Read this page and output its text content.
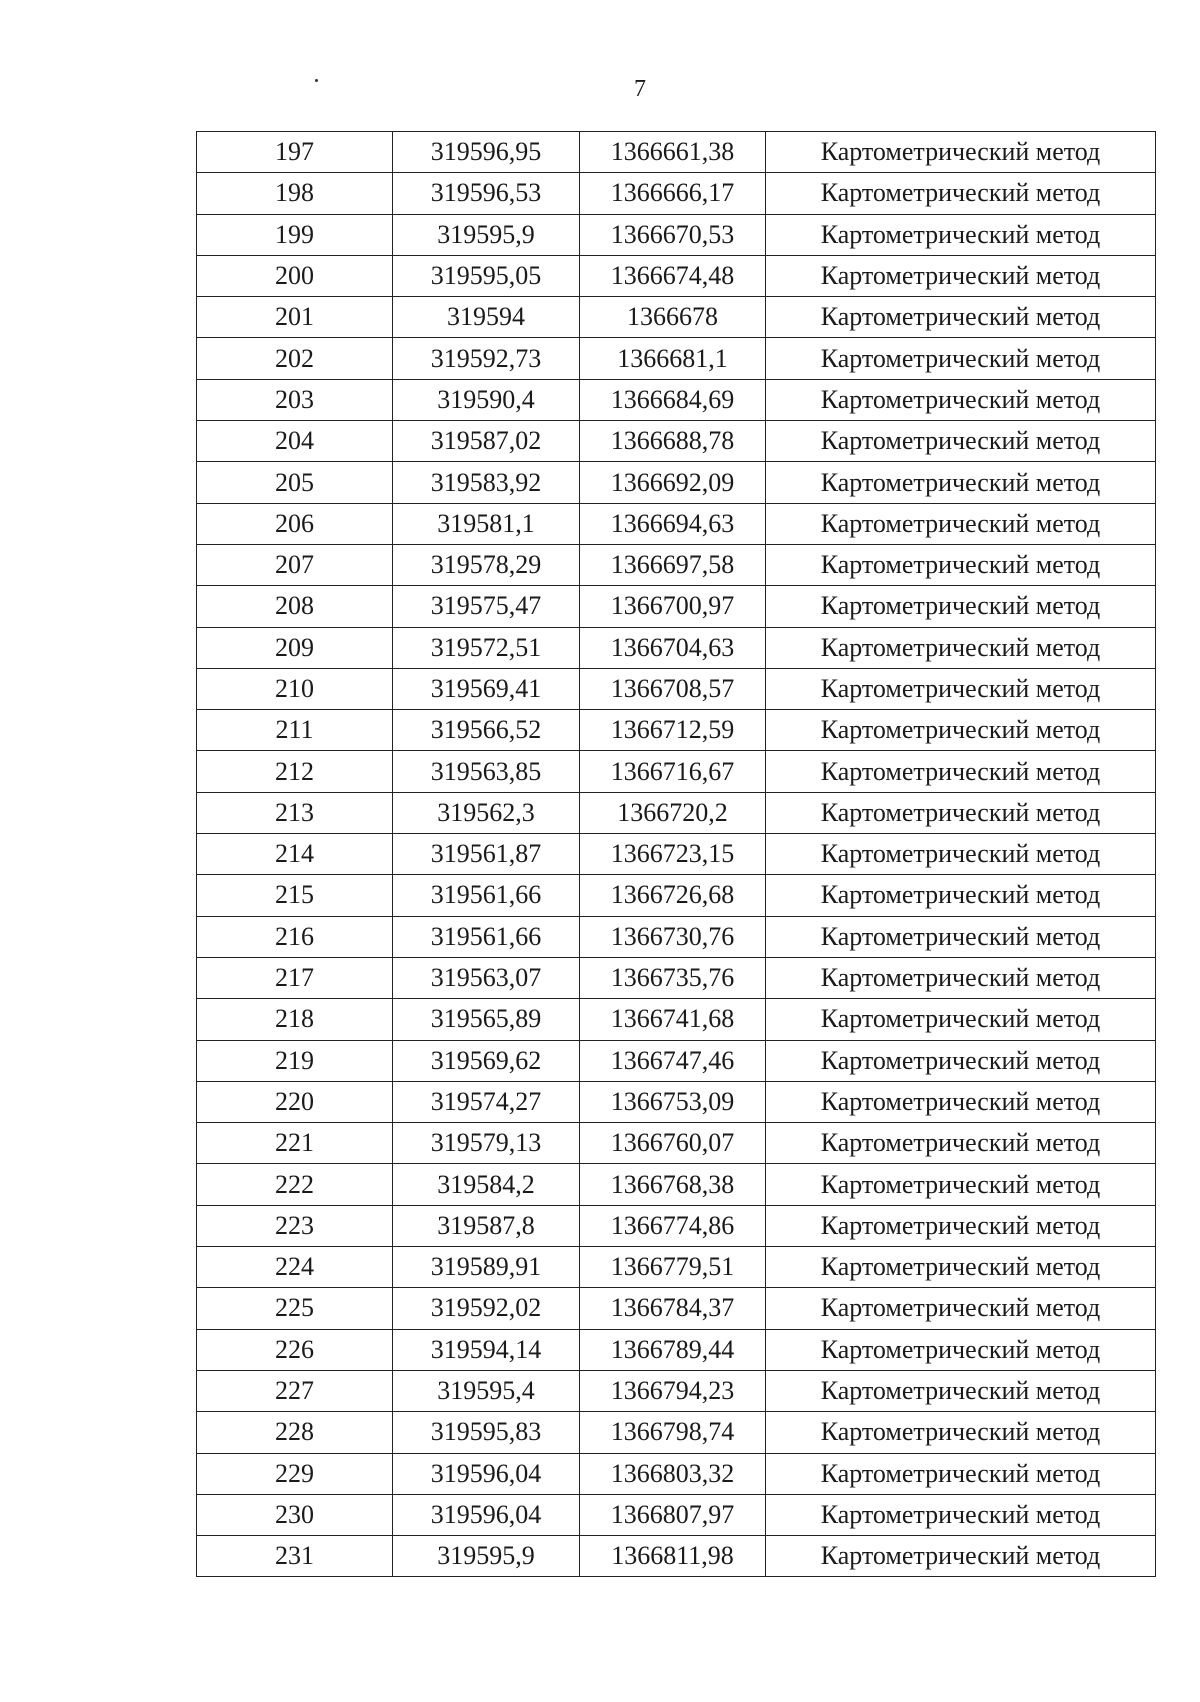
7
197	319596,95	1366661,38	Картометрический метод
198	319596,53	1366666,17	Картометрический метод
199	319595,9	1366670,53	Картометрический метод
200	319595,05	1366674,48	Картометрический метод
201	319594	1366678	Картометрический метод
202	319592,73	1366681,1	Картометрический метод
203	319590,4	1366684,69	Картометрический метод
204	319587,02	1366688,78	Картометрический метод
205	319583,92	1366692,09	Картометрический метод
206	319581,1	1366694,63	Картометрический метод
207	319578,29	1366697,58	Картометрический метод
208	319575,47	1366700,97	Картометрический метод
209	319572,51	1366704,63	Картометрический метод
210	319569,41	1366708,57	Картометрический метод
211	319566,52	1366712,59	Картометрический метод
212	319563,85	1366716,67	Картометрический метод
213	319562,3	1366720,2	Картометрический метод
214	319561,87	1366723,15	Картометрический метод
215	319561,66	1366726,68	Картометрический метод
216	319561,66	1366730,76	Картометрический метод
217	319563,07	1366735,76	Картометрический метод
218	319565,89	1366741,68	Картометрический метод
219	319569,62	1366747,46	Картометрический метод
220	319574,27	1366753,09	Картометрический метод
221	319579,13	1366760,07	Картометрический метод
222	319584,2	1366768,38	Картометрический метод
223	319587,8	1366774,86	Картометрический метод
224	319589,91	1366779,51	Картометрический метод
225	319592,02	1366784,37	Картометрический метод
226	319594,14	1366789,44	Картометрический метод
227	319595,4	1366794,23	Картометрический метод
228	319595,83	1366798,74	Картометрический метод
229	319596,04	1366803,32	Картометрический метод
230	319596,04	1366807,97	Картометрический метод
231	319595,9	1366811,98	Картометрический метод
